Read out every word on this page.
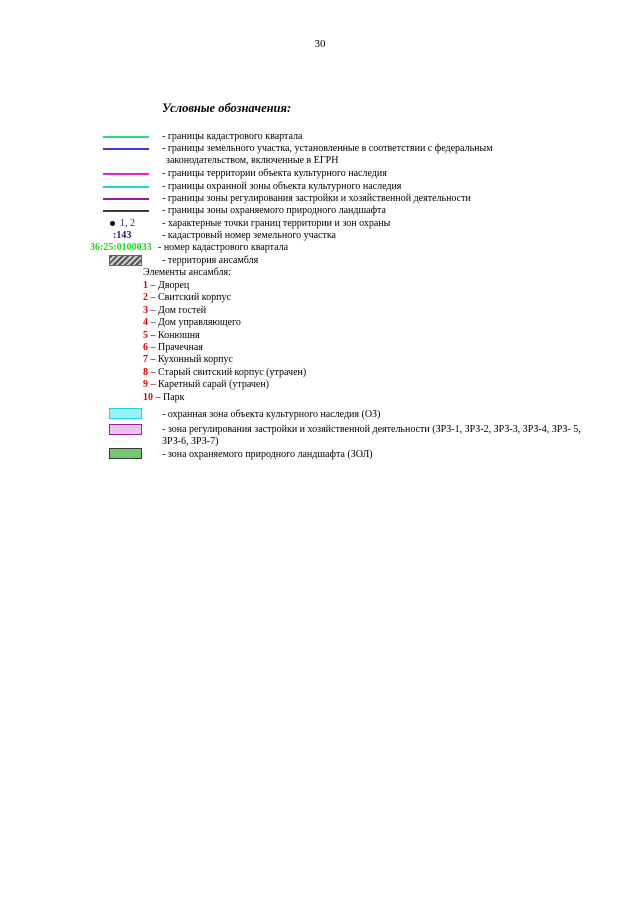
30
Условные обозначения:
- границы кадастрового квартала
- границы земельного участка, установленные в соответствии с федеральным
законодательством, включенные в ЕГРН
- границы территории объекта культурного наследия
- границы охранной зоны объекта культурного наследия
- границы зоны регулирования застройки и хозяйственной деятельности
- границы зоны охраняемого природного ландшафта
1, 2	- характерные точки границ территории и зон охраны
:143	- кадастровый номер земельного участка
36:25:0100033 - номер кадастрового квартала
- территория ансамбля
Элементы ансамбля:
1 – Дворец
2 – Свитский корпус
3 – Дом гостей
4 – Дом управляющего
5 – Конюшня
6 – Прачечная
7 – Кухонный корпус
8 – Старый свитский корпус (утрачен)
9 – Каретный сарай (утрачен)
10 – Парк
- охранная зона объекта культурного наследия (ОЗ)
- зона регулирования застройки и хозяйственной деятельности (ЗРЗ-1, ЗРЗ-2, ЗРЗ-3, ЗРЗ-4, ЗРЗ- 5, ЗРЗ-6, ЗРЗ-7)
- зона охраняемого природного ландшафта (ЗОЛ)
